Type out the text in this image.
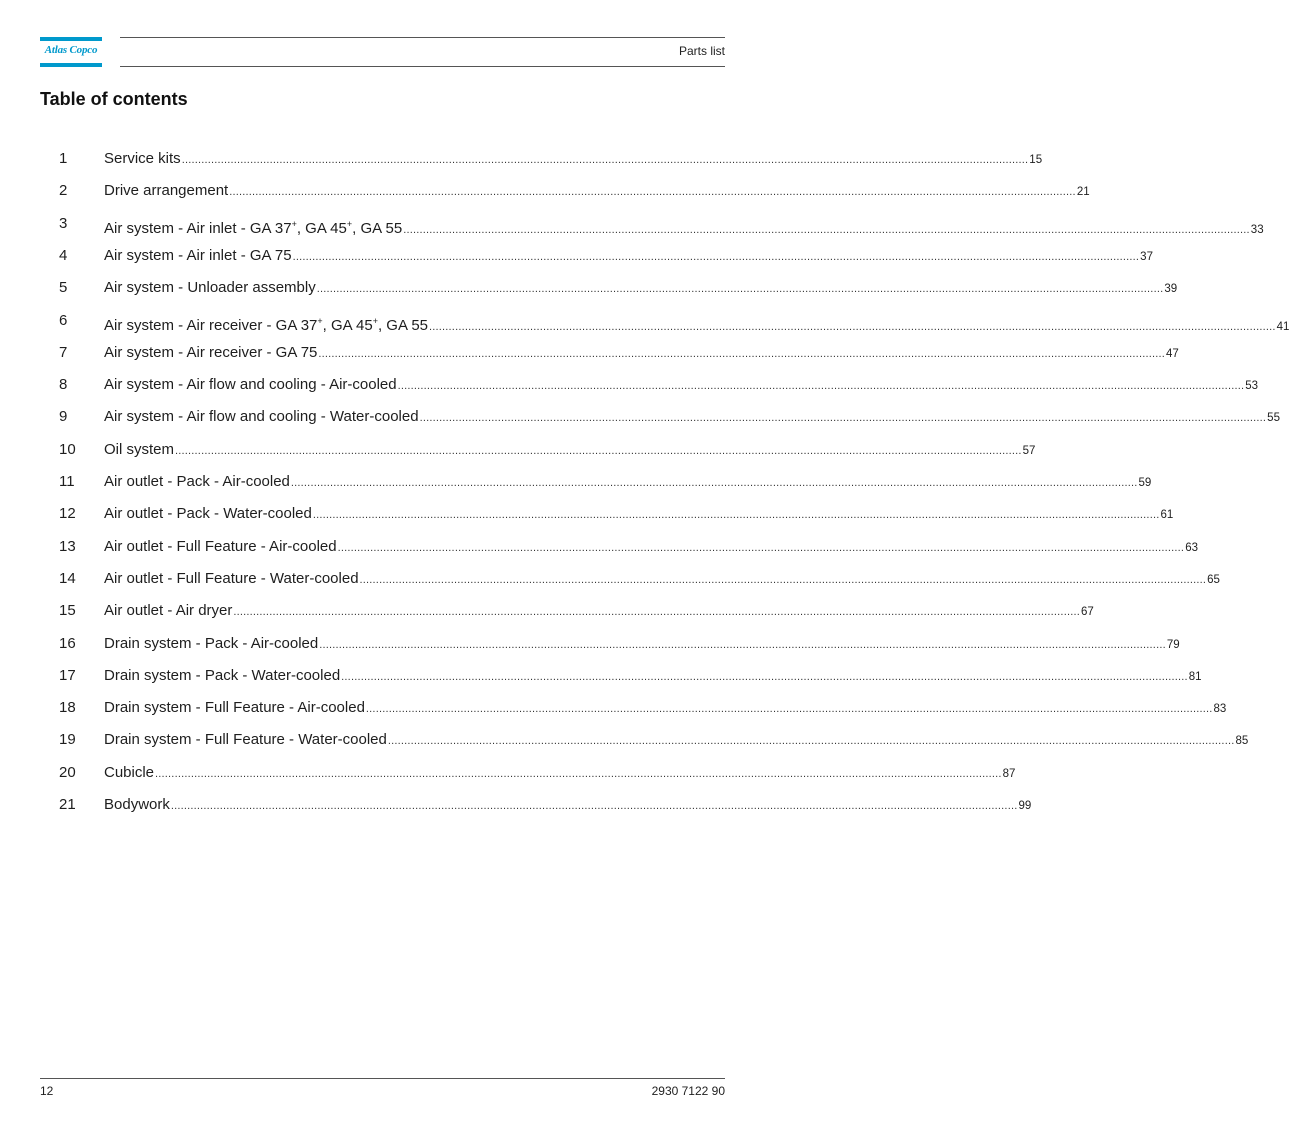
Atlas Copco	Parts list
Table of contents
1 Service kits .................................................................................................................................................................................................................................................................... 15
2 Drive arrangement .................................................................................................................................................................................................................................................................... 21
3 Air system - Air inlet - GA 37+, GA 45+, GA 55 .................................................................................................................................................................................................................................................................... 33
4 Air system - Air inlet - GA 75 .................................................................................................................................................................................................................................................................... 37
5 Air system - Unloader assembly .................................................................................................................................................................................................................................................................... 39
6 Air system - Air receiver - GA 37+, GA 45+, GA 55 .................................................................................................................................................................................................................................................................... 41
7 Air system - Air receiver - GA 75 .................................................................................................................................................................................................................................................................... 47
8 Air system - Air flow and cooling - Air-cooled .................................................................................................................................................................................................................................................................... 53
9 Air system - Air flow and cooling - Water-cooled .................................................................................................................................................................................................................................................................... 55
10 Oil system .................................................................................................................................................................................................................................................................... 57
11 Air outlet - Pack - Air-cooled .................................................................................................................................................................................................................................................................... 59
12 Air outlet - Pack - Water-cooled .................................................................................................................................................................................................................................................................... 61
13 Air outlet - Full Feature - Air-cooled .................................................................................................................................................................................................................................................................... 63
14 Air outlet - Full Feature - Water-cooled .................................................................................................................................................................................................................................................................... 65
15 Air outlet - Air dryer .................................................................................................................................................................................................................................................................... 67
16 Drain system - Pack - Air-cooled .................................................................................................................................................................................................................................................................... 79
17 Drain system - Pack - Water-cooled .................................................................................................................................................................................................................................................................... 81
18 Drain system - Full Feature - Air-cooled .................................................................................................................................................................................................................................................................... 83
19 Drain system - Full Feature - Water-cooled .................................................................................................................................................................................................................................................................... 85
20 Cubicle .................................................................................................................................................................................................................................................................... 87
21 Bodywork .................................................................................................................................................................................................................................................................... 99
12	2930 7122 90
